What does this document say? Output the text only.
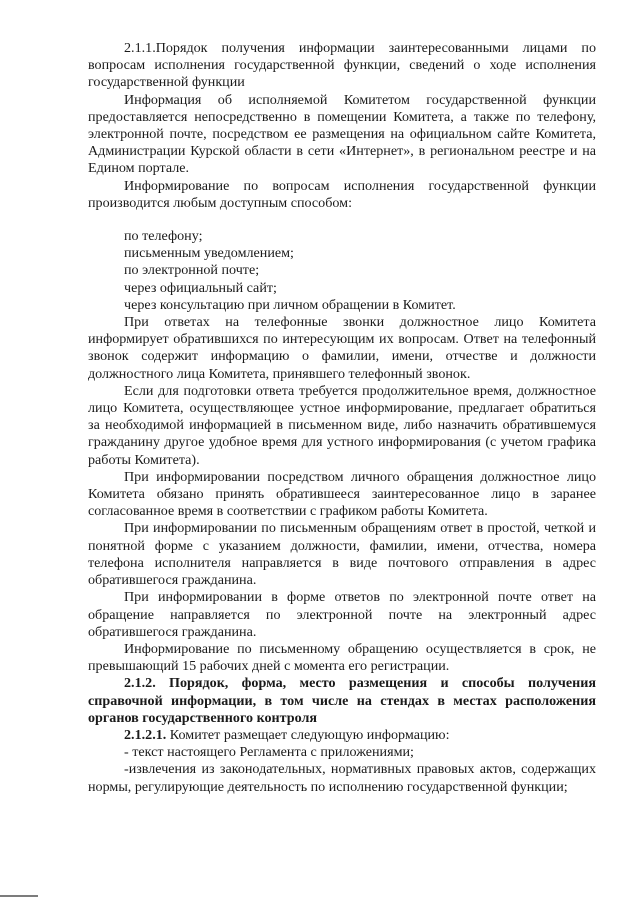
2.1.1.Порядок получения информации заинтересованными лицами по вопросам исполнения государственной функции, сведений о ходе исполнения государственной функции

Информация об исполняемой Комитетом государственной функции предоставляется непосредственно в помещении Комитета, а также по телефону, электронной почте, посредством ее размещения на официальном сайте Комитета, Администрации Курской области в сети «Интернет», в региональном реестре и на Едином портале.

Информирование по вопросам исполнения государственной функции производится любым доступным способом:

по телефону;

письменным уведомлением;

по электронной почте;

через официальный сайт;

через консультацию при личном обращении в Комитет.

При ответах на телефонные звонки должностное лицо Комитета информирует обратившихся по интересующим их вопросам. Ответ на телефонный звонок содержит информацию о фамилии, имени, отчестве и должности должностного лица Комитета, принявшего телефонный звонок.

Если для подготовки ответа требуется продолжительное время, должностное лицо Комитета, осуществляющее устное информирование, предлагает обратиться за необходимой информацией в письменном виде, либо назначить обратившемуся гражданину другое удобное время для устного информирования (с учетом графика работы Комитета).

При информировании посредством личного обращения должностное лицо Комитета обязано принять обратившееся заинтересованное лицо в заранее согласованное время в соответствии с графиком работы Комитета.

При информировании по письменным обращениям ответ в простой, четкой и понятной форме с указанием должности, фамилии, имени, отчества, номера телефона исполнителя направляется в виде почтового отправления в адрес обратившегося гражданина.

При информировании в форме ответов по электронной почте ответ на обращение направляется по электронной почте на электронный адрес обратившегося гражданина.

Информирование по письменному обращению осуществляется в срок, не превышающий 15 рабочих дней с момента его регистрации.

2.1.2. Порядок, форма, место размещения и способы получения справочной информации, в том числе на стендах в местах расположения органов государственного контроля

2.1.2.1. Комитет размещает следующую информацию:

- текст настоящего Регламента с приложениями;

-извлечения из законодательных, нормативных правовых актов, содержащих нормы, регулирующие деятельность по исполнению государственной функции;
